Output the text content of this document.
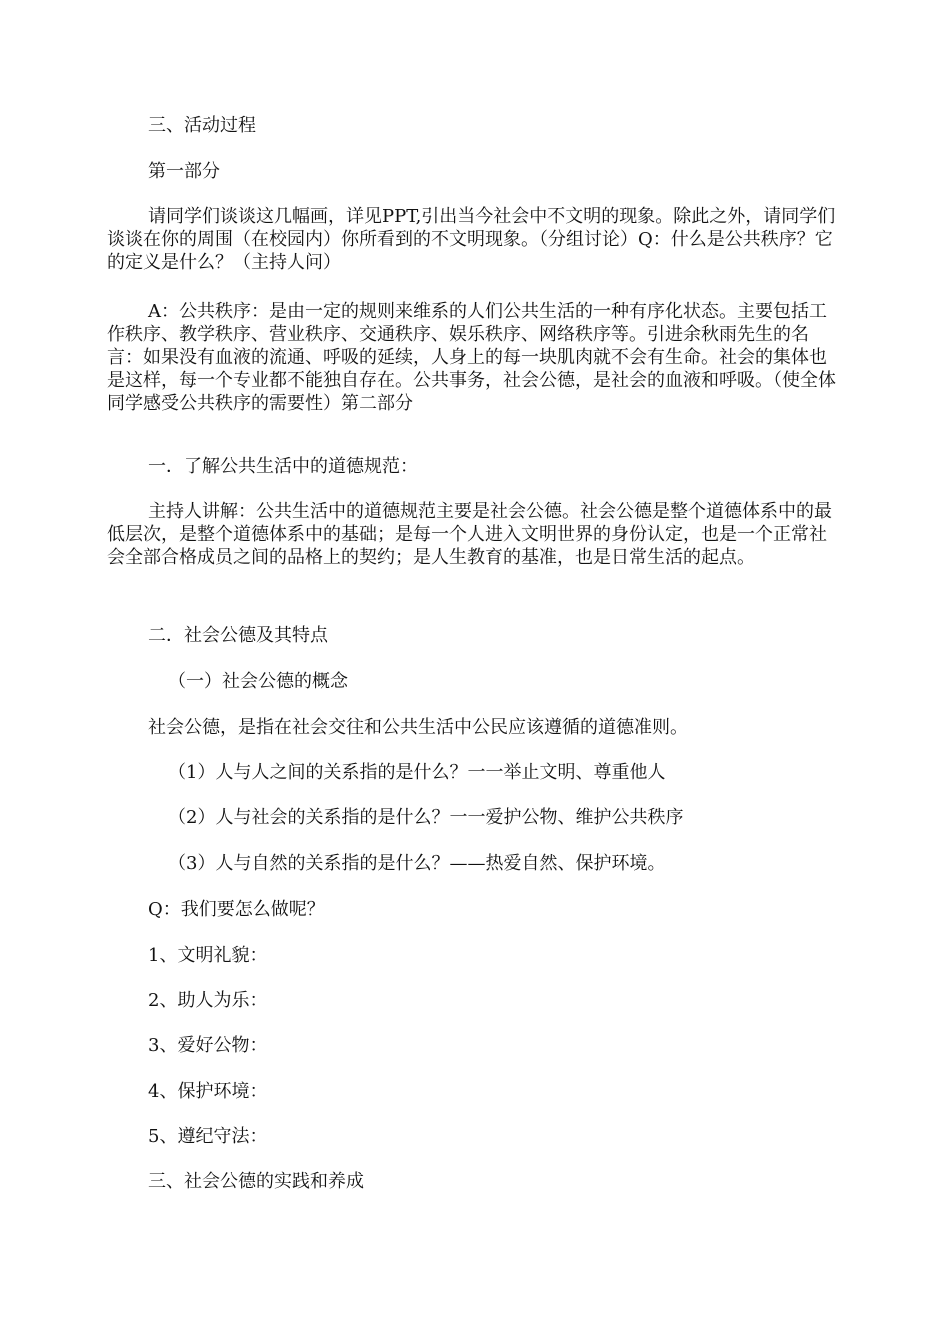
三、活动过程

第一部分

请同学们谈谈这几幅画，详见PPT,引出当今社会中不文明的现象。除此之外，请同学们谈谈在你的周围（在校园内）你所看到的不文明现象。（分组讨论）Q：什么是公共秩序？它的定义是什么？（主持人问）

A：公共秩序：是由一定的规则来维系的人们公共生活的一种有序化状态。主要包括工作秩序、教学秩序、营业秩序、交通秩序、娱乐秩序、网络秩序等。引进余秋雨先生的名言：如果没有血液的流通、呼吸的延续，人身上的每一块肌肉就不会有生命。社会的集体也是这样，每一个专业都不能独自存在。公共事务，社会公德，是社会的血液和呼吸。（使全体同学感受公共秩序的需要性）第二部分

一．了解公共生活中的道德规范：

主持人讲解：公共生活中的道德规范主要是社会公德。社会公德是整个道德体系中的最低层次，是整个道德体系中的基础；是每一个人进入文明世界的身份认定，也是一个正常社会全部合格成员之间的品格上的契约；是人生教育的基准，也是日常生活的起点。

二．社会公德及其特点

（一）社会公德的概念

社会公德，是指在社会交往和公共生活中公民应该遵循的道德准则。

（1）人与人之间的关系指的是什么？一一举止文明、尊重他人

（2）人与社会的关系指的是什么？一一爱护公物、维护公共秩序

（3）人与自然的关系指的是什么？——热爱自然、保护环境。

Q：我们要怎么做呢？

1、文明礼貌：

2、助人为乐：

3、爱好公物：

4、保护环境：

5、遵纪守法：

三、社会公德的实践和养成
